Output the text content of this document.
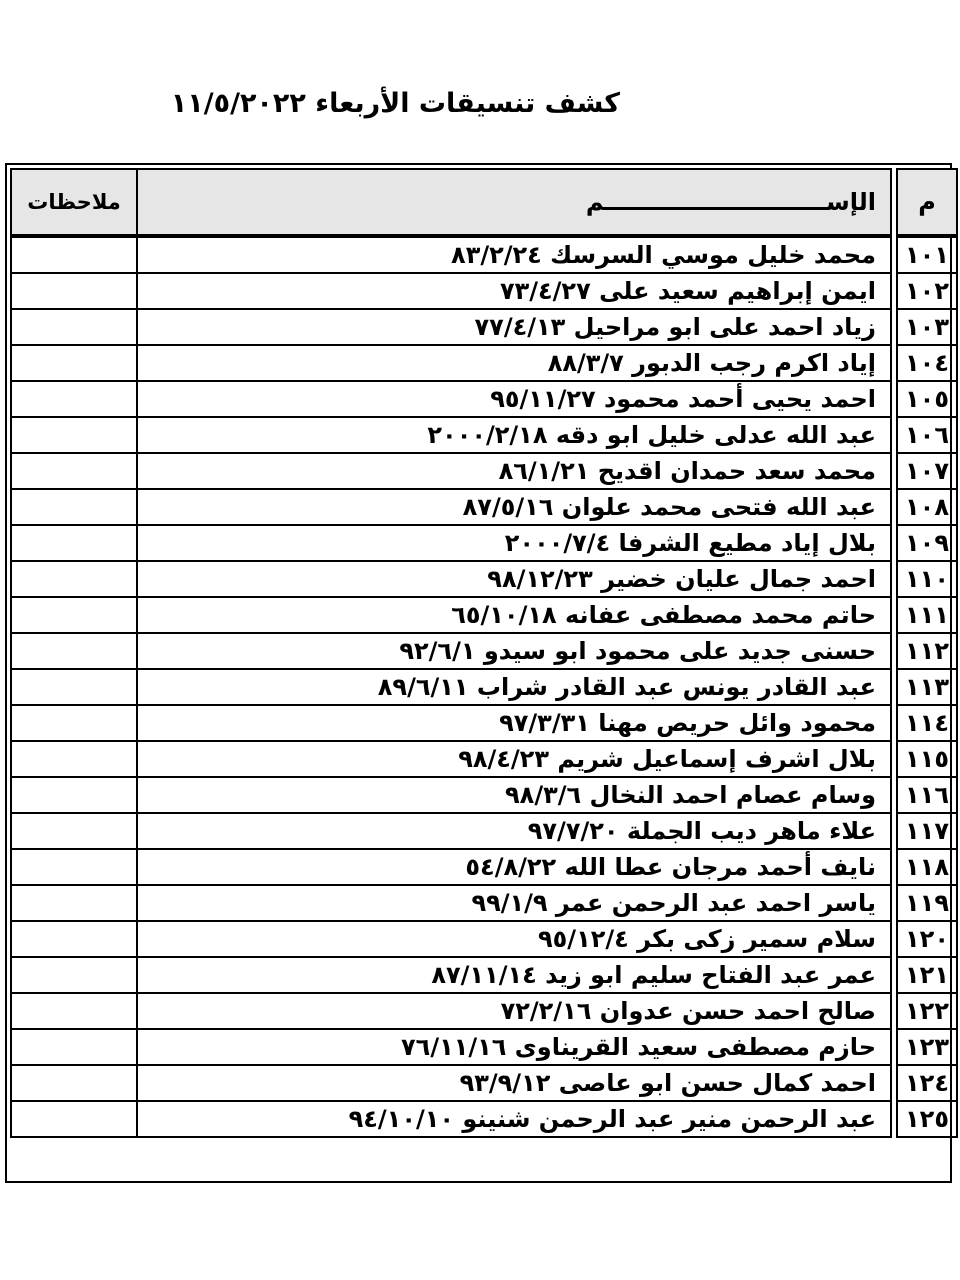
كشف تنسيقات الأربعاء ١١/٥/٢٠٢٢
م		الإســـــــــــــــــــــــــــم	ملاحظات
١٠١		محمد خليل موسي السرسك ٨٣/٢/٢٤	
١٠٢		ايمن إبراهيم سعيد على ٧٣/٤/٢٧	
١٠٣		زياد احمد على ابو مراحيل ٧٧/٤/١٣	
١٠٤		إياد اكرم رجب الدبور ٨٨/٣/٧	
١٠٥		احمد يحيى أحمد محمود ٩٥/١١/٢٧	
١٠٦		عبد الله عدلى خليل ابو دقه ٢٠٠٠/٢/١٨	
١٠٧		محمد سعد حمدان اقديح ٨٦/١/٢١	
١٠٨		عبد الله فتحى محمد علوان ٨٧/٥/١٦	
١٠٩		بلال إياد مطيع الشرفا ٢٠٠٠/٧/٤	
١١٠		احمد جمال عليان خضير ٩٨/١٢/٢٣	
١١١		حاتم محمد مصطفى عفانه ٦٥/١٠/١٨	
١١٢		حسنى جديد على محمود ابو سيدو ٩٢/٦/١	
١١٣		عبد القادر يونس عبد القادر شراب ٨٩/٦/١١	
١١٤		محمود وائل حريص مهنا ٩٧/٣/٣١	
١١٥		بلال اشرف إسماعيل شريم ٩٨/٤/٢٣	
١١٦		وسام عصام احمد النخال ٩٨/٣/٦	
١١٧		علاء ماهر ديب الجملة ٩٧/٧/٢٠	
١١٨		نايف أحمد مرجان عطا الله ٥٤/٨/٢٢	
١١٩		ياسر احمد عبد الرحمن عمر ٩٩/١/٩	
١٢٠		سلام سمير زكى بكر ٩٥/١٢/٤	
١٢١		عمر عبد الفتاح سليم ابو زيد ٨٧/١١/١٤	
١٢٢		صالح احمد حسن عدوان ٧٢/٢/١٦	
١٢٣		حازم مصطفى سعيد القريناوى ٧٦/١١/١٦	
١٢٤		احمد كمال حسن ابو عاصى ٩٣/٩/١٢	
١٢٥		عبد الرحمن منير عبد الرحمن شنينو ٩٤/١٠/١٠	
